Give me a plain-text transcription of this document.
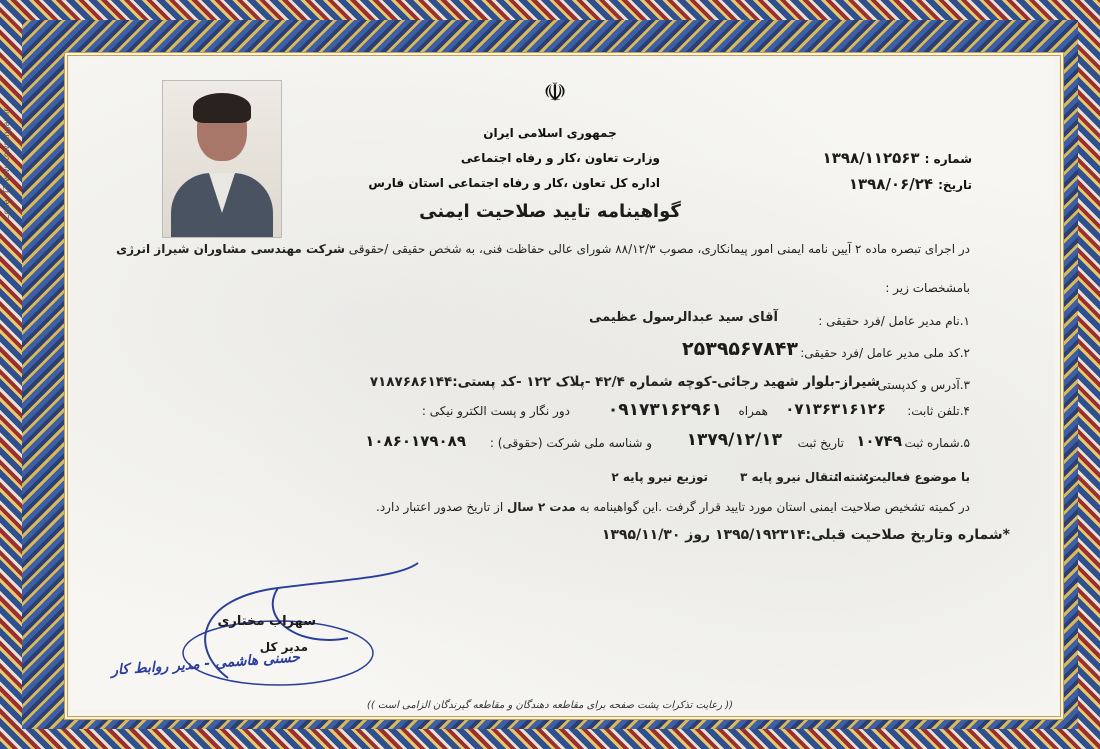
Code: T7 www.towsangan.ir
☫
جمهوری اسلامی ایران
وزارت تعاون ،کار و رفاه اجتماعی
اداره کل تعاون ،کار و رفاه اجتماعی استان فارس
شماره : ۱۳۹۸/۱۱۲۵۶۳
تاریخ: ۱۳۹۸/۰۶/۲۴
گواهینامه تایید صلاحیت ایمنی
در اجرای تبصره ماده ۲ آیین نامه ایمنی امور پیمانکاری، مصوب ۸۸/۱۲/۳ شورای عالی حفاظت فنی، به شخص حقیقی /حقوقی شرکت مهندسی مشاوران شیراز انرژی
بامشخصات زیر :
۱.نام مدیر عامل /فرد حقیقی :
آقای سید عبدالرسول عظیمی
۲.کد ملی مدیر عامل /فرد حقیقی:
۲۵۳۹۵۶۷۸۴۳
۳.آدرس و کدپستی
شیراز-بلوار شهید رجائی-کوچه شماره ۴۲/۴ -پلاک ۱۲۲ -کد پستی:۷۱۸۷۶۸۶۱۴۴
۴.تلفن ثابت:
۰۷۱۳۶۳۱۶۱۲۶
همراه
۰۹۱۷۳۱۶۲۹۶۱
دور نگار و پست الکترو نیکی :
۵.شماره ثبت
۱۰۷۴۹
تاریخ ثبت
۱۳۷۹/۱۲/۱۳
و شناسه ملی شرکت (حقوقی) :
۱۰۸۶۰۱۷۹۰۸۹
با موضوع فعالیت:
رشته :
انتقال نیرو پایه ۳
توزیع نیرو پایه ۲
در کمیته تشخیص صلاحیت ایمنی استان مورد تایید قرار گرفت .این گواهینامه به مدت ۲ سال از تاریخ صدور اعتبار دارد.
*شماره وتاریخ صلاحیت قبلی:۱۳۹۵/۱۹۲۳۱۴ روز ۱۳۹۵/۱۱/۳۰
سهراب مختاری
مدیر کل
حسنی هاشمی - مدیر روابط کار
(( رعایت تذکرات پشت صفحه برای مقاطعه دهندگان و مقاطعه گیرندگان الزامی است ))
